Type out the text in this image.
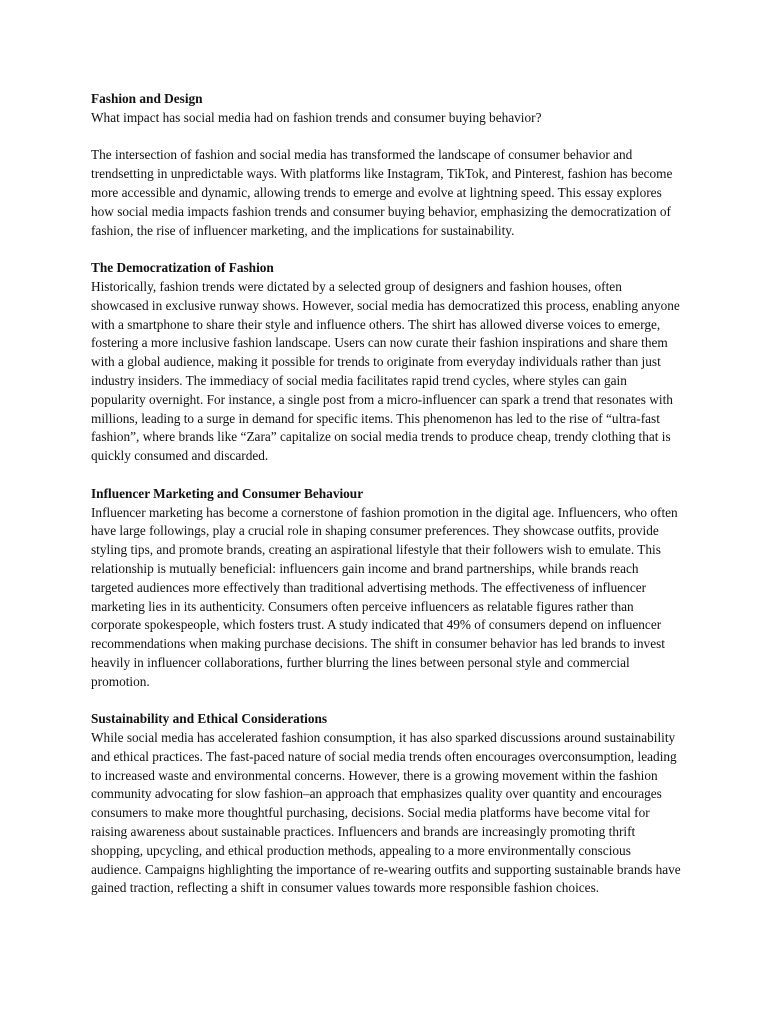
Fashion and Design

What impact has social media had on fashion trends and consumer buying behavior?

The intersection of fashion and social media has transformed the landscape of consumer behavior and trendsetting in unpredictable ways. With platforms like Instagram, TikTok, and Pinterest, fashion has become more accessible and dynamic, allowing trends to emerge and evolve at lightning speed. This essay explores how social media impacts fashion trends and consumer buying behavior, emphasizing the democratization of fashion, the rise of influencer marketing, and the implications for sustainability.

The Democratization of Fashion

Historically, fashion trends were dictated by a selected group of designers and fashion houses, often showcased in exclusive runway shows. However, social media has democratized this process, enabling anyone with a smartphone to share their style and influence others. The shirt has allowed diverse voices to emerge, fostering a more inclusive fashion landscape. Users can now curate their fashion inspirations and share them with a global audience, making it possible for trends to originate from everyday individuals rather than just industry insiders. The immediacy of social media facilitates rapid trend cycles, where styles can gain popularity overnight. For instance, a single post from a micro-influencer can spark a trend that resonates with millions, leading to a surge in demand for specific items. This phenomenon has led to the rise of “ultra-fast fashion”, where brands like “Zara” capitalize on social media trends to produce cheap, trendy clothing that is quickly consumed and discarded.

Influencer Marketing and Consumer Behaviour

Influencer marketing has become a cornerstone of fashion promotion in the digital age. Influencers, who often have large followings, play a crucial role in shaping consumer preferences. They showcase outfits, provide styling tips, and promote brands, creating an aspirational lifestyle that their followers wish to emulate. This relationship is mutually beneficial: influencers gain income and brand partnerships, while brands reach targeted audiences more effectively than traditional advertising methods. The effectiveness of influencer marketing lies in its authenticity. Consumers often perceive influencers as relatable figures rather than corporate spokespeople, which fosters trust. A study indicated that 49% of consumers depend on influencer recommendations when making purchase decisions. The shift in consumer behavior has led brands to invest heavily in influencer collaborations, further blurring the lines between personal style and commercial promotion.

Sustainability and Ethical Considerations

While social media has accelerated fashion consumption, it has also sparked discussions around sustainability and ethical practices. The fast-paced nature of social media trends often encourages overconsumption, leading to increased waste and environmental concerns. However, there is a growing movement within the fashion community advocating for slow fashion–an approach that emphasizes quality over quantity and encourages consumers to make more thoughtful purchasing, decisions. Social media platforms have become vital for raising awareness about sustainable practices. Influencers and brands are increasingly promoting thrift shopping, upcycling, and ethical production methods, appealing to a more environmentally conscious audience. Campaigns highlighting the importance of re-wearing outfits and supporting sustainable brands have gained traction, reflecting a shift in consumer values towards more responsible fashion choices.
